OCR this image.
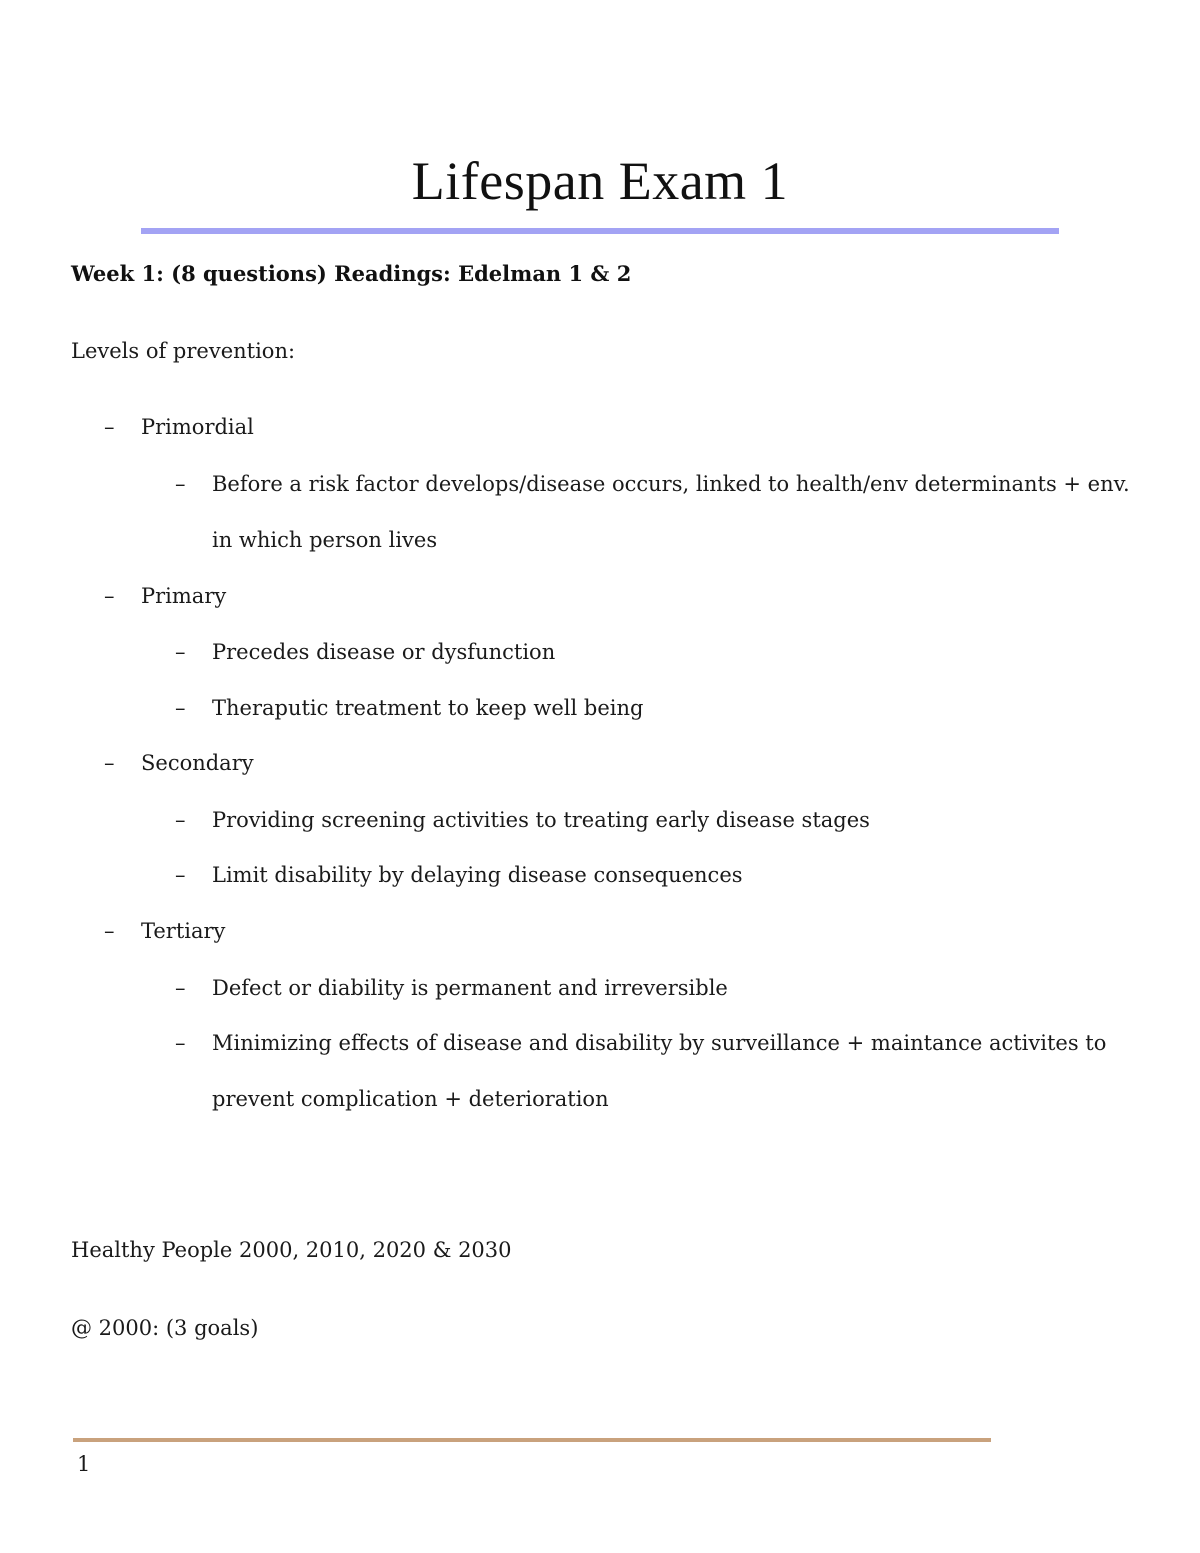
Lifespan Exam 1
Week 1: (8 questions) Readings: Edelman 1 & 2
Levels of prevention:
– Primordial
– Before a risk factor develops/disease occurs, linked to health/env determinants + env.
in which person lives
– Primary
– Precedes disease or dysfunction
– Theraputic treatment to keep well being
– Secondary
– Providing screening activities to treating early disease stages
– Limit disability by delaying disease consequences
– Tertiary
– Defect or diability is permanent and irreversible
– Minimizing effects of disease and disability by surveillance + maintance activites to
prevent complication + deterioration
Healthy People 2000, 2010, 2020 & 2030
@ 2000: (3 goals)
1
